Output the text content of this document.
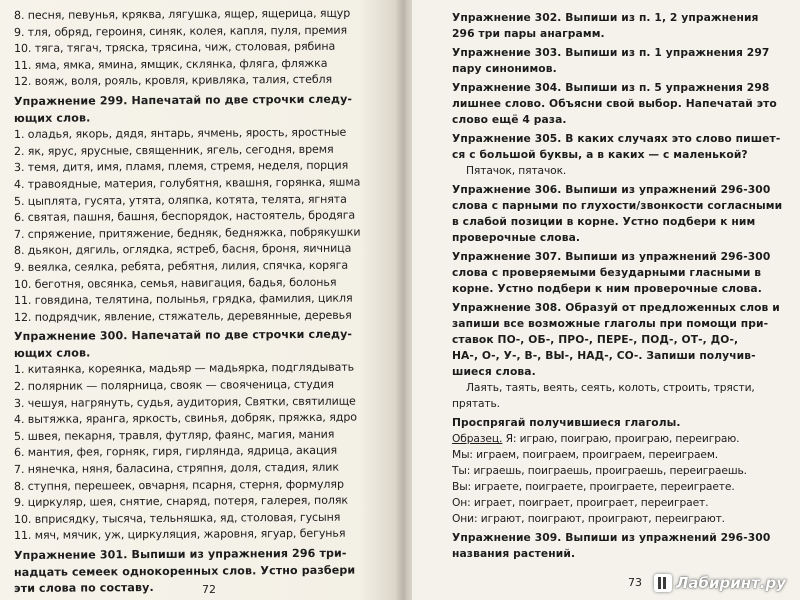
8. песня, певунья, кряква, лягушка, ящер, ящерица, ящур
9. тля, обряд, героиня, синяк, колея, капля, пуля, премия
10. тяга, тягач, тряска, трясина, чиж, столовая, рябина
11. яма, ямка, ямина, ямщик, склянка, фляга, фляжка
12. вояж, воля, рояль, кровля, кривляка, талия, стебля
Упражнение 299. Напечатай по две строчки следу-
ющих слов.
1. оладья, якорь, дядя, янтарь, ячмень, ярость, яростные
2. як, ярус, ярусные, священник, ягель, сегодня, время
3. темя, дитя, имя, пламя, племя, стремя, неделя, порция
4. травоядные, материя, голубятня, квашня, горянка, яшма
5. цыплята, гусята, утята, оляпка, котята, телята, ягнята
6. святая, пашня, башня, беспорядок, настоятель, бродяга
7. спряжение, притяжение, бедняк, бедняжка, побрякушки
8. дьякон, дягиль, оглядка, ястреб, басня, броня, яичница
9. веялка, сеялка, ребята, ребятня, лилия, спячка, коряга
10. беготня, овсянка, семья, навигация, бадья, болонья
11. говядина, телятина, полынья, грядка, фамилия, цикля
12. подрядчик, явление, стяжатель, деревянные, деревья
Упражнение 300. Напечатай по две строчки следу-
ющих слов.
1. китаянка, кореянка, мадьяр — мадьярка, подглядывать
2. полярник — полярница, свояк — свояченица, студия
3. чешуя, нагрянуть, судья, аудитория, Святки, святилище
4. вытяжка, яранга, яркость, свинья, добряк, пряжка, ядро
5. швея, пекарня, травля, футляр, фаянс, магия, мания
6. мантия, фея, горняк, гиря, гирлянда, ядрица, акация
7. нянечка, няня, баласина, стряпня, доля, стадия, ялик
8. ступня, перешеек, овчарня, псарня, стерня, формуляр
9. циркуляр, шея, снятие, снаряд, потеря, галерея, поляк
10. вприсядку, тысяча, тельняшка, яд, столовая, гусыня
11. мяч, мячик, уж, циркуляция, жаровня, ягуар, бегунья
Упражнение 301. Выпиши из упражнения 296 три-
надцать семеек однокоренных слов. Устно разбери
эти слова по составу.	72
Упражнение 302. Выпиши из п. 1, 2 упражнения
296 три пары анаграмм.
Упражнение 303. Выпиши из п. 1 упражнения 297
пару синонимов.
Упражнение 304. Выпиши из п. 5 упражнения 298
лишнее слово. Объясни свой выбор. Напечатай это
слово ещё 4 раза.
Упражнение 305. В каких случаях это слово пишет-
ся с большой буквы, а в каких — с маленькой?
Пятачок, пятачок.
Упражнение 306. Выпиши из упражнений 296-300
слова с парными по глухости/звонкости согласными
в слабой позиции в корне. Устно подбери к ним
проверочные слова.
Упражнение 307. Выпиши из упражнений 296-300
слова с проверяемыми безударными гласными в
корне. Устно подбери к ним проверочные слова.
Упражнение 308. Образуй от предложенных слов и
запиши все возможные глаголы при помощи при-
ставок ПО-, ОБ-, ПРО-, ПЕРЕ-, ПОД-, ОТ-, ДО-,
НА-, О-, У-, В-, ВЫ-, НАД-, СО-. Запиши получив-
шиеся слова.
Лаять, таять, веять, сеять, колоть, строить, трясти,
прятать.
Проспрягай получившиеся глаголы.
Образец. Я: играю, поиграю, проиграю, переиграю.
Мы: играем, поиграем, проиграем, переиграем.
Ты: играешь, поиграешь, проиграешь, переиграешь.
Вы: играете, поиграете, проиграете, переиграете.
Он: играет, поиграет, проиграет, переиграет.
Они: играют, поиграют, проиграют, переиграют.
Упражнение 309. Выпиши из упражнений 296-300
названия растений.
73 Лабиринт.ру
